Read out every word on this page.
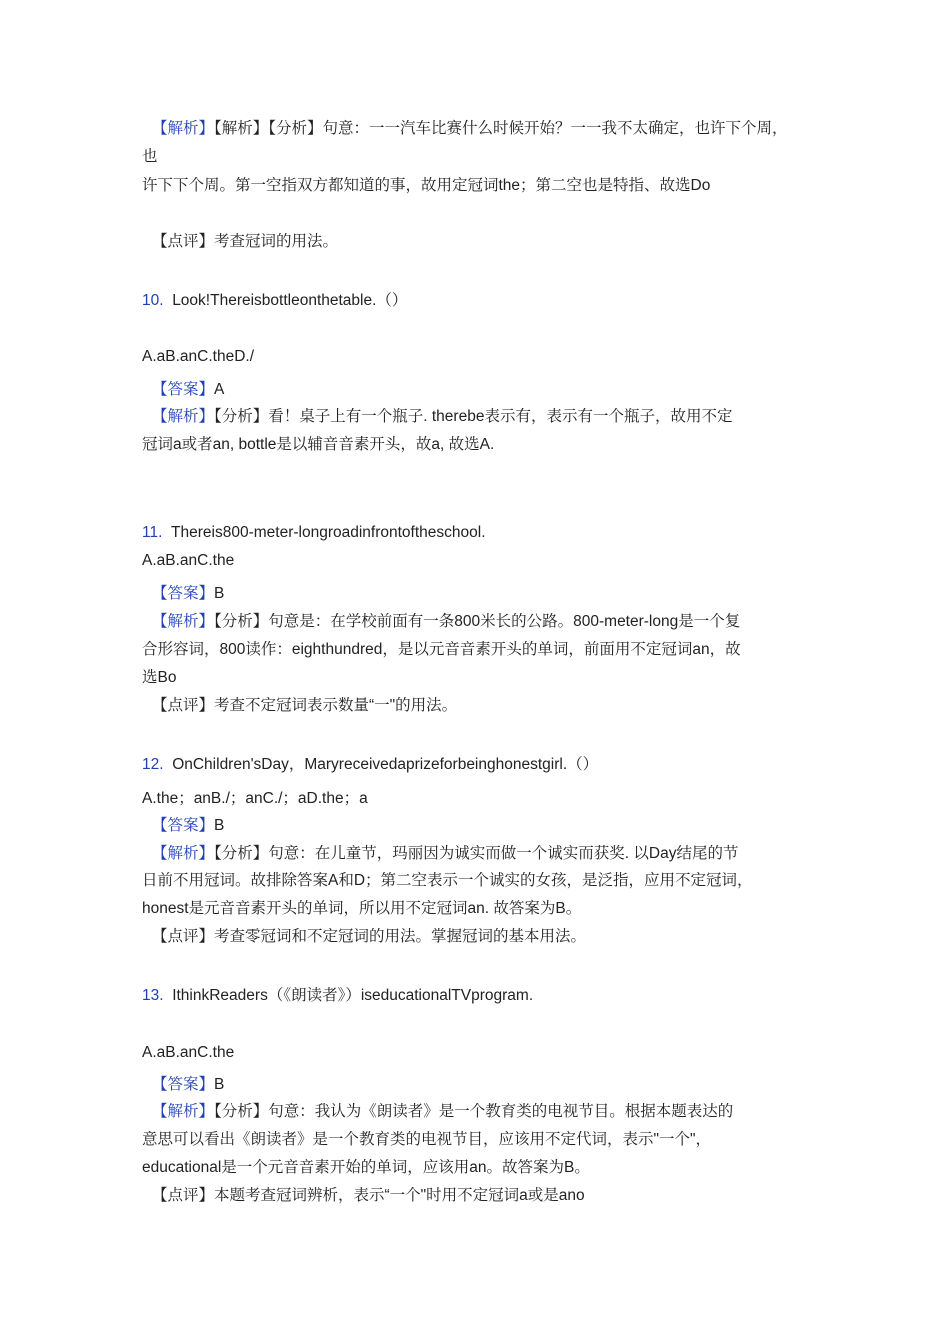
【解析】【解析】【分析】句意：一一汽车比赛什么时候开始？一一我不太确定，也许下个周，
也
许下下个周。第一空指双方都知道的事，故用定冠词the；第二空也是特指、故选Do
【点评】考查冠词的用法。
10. Look!Thereisbottleonthetable.（）
A.aB.anC.theD./
【答案】A
【解析】【分析】看！桌子上有一个瓶子. therebe表示有，表示有一个瓶子，故用不定
冠词a或者an, bottle是以辅音音素开头，故a, 故选A.
11. Thereis800-meter-longroadinfrontoftheschool.
A.aB.anC.the
【答案】B
【解析】【分析】句意是：在学校前面有一条800米长的公路。800-meter-long是一个复
合形容词，800读作：eighthundred，是以元音音素开头的单词，前面用不定冠词an，故
选Bo
【点评】考查不定冠词表示数量“一"的用法。
12. OnChildren'sDay，Maryreceivedaprizeforbeinghonestgirl.（）
A.the；anB./；anC./；aD.the；a
【答案】B
【解析】【分析】句意：在儿童节，玛丽因为诚实而做一个诚实而获奖. 以Day结尾的节
日前不用冠词。故排除答案A和D；第二空表示一个诚实的女孩，是泛指，应用不定冠词，
honest是元音音素开头的单词，所以用不定冠词an. 故答案为B。
【点评】考查零冠词和不定冠词的用法。掌握冠词的基本用法。
13. IthinkReaders（《朗读者》）iseducationalTVprogram.
A.aB.anC.the
【答案】B
【解析】【分析】句意：我认为《朗读者》是一个教育类的电视节目。根据本题表达的
意思可以看出《朗读者》是一个教育类的电视节目，应该用不定代词，表示"一个"，
educational是一个元音音素开始的单词，应该用an。故答案为B。
【点评】本题考查冠词辨析，表示“一个"时用不定冠词a或是ano
